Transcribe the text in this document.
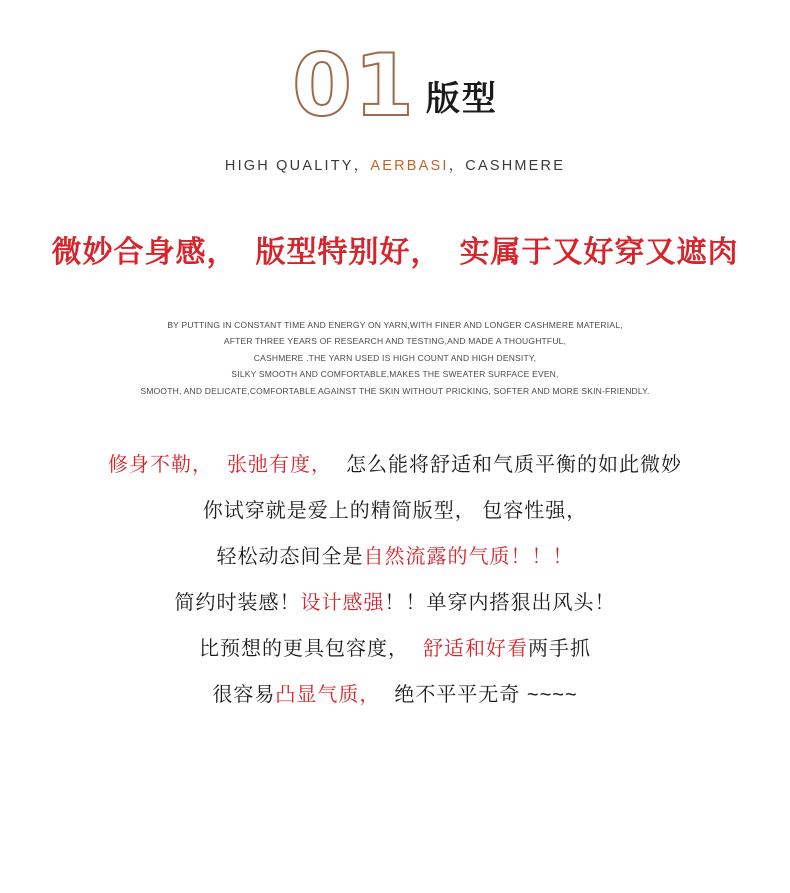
01 版型
HIGH QUALITY，AERBASI，CASHMERE
微妙合身感， 版型特别好， 实属于又好穿又遮肉
BY PUTTING IN CONSTANT TIME AND ENERGY ON YARN,WITH FINER AND LONGER CASHMERE MATERIAL,
AFTER THREE YEARS OF RESEARCH AND TESTING,AND MADE A THOUGHTFUL,
CASHMERE .THE YARN USED IS HIGH COUNT AND HIGH DENSITY,
SILKY SMOOTH AND COMFORTABLE,MAKES THE SWEATER SURFACE EVEN,
SMOOTH, AND DELICATE,COMFORTABLE AGAINST THE SKIN WITHOUT PRICKING, SOFTER AND MORE SKIN-FRIENDLY.
修身不勒， 张弛有度， 怎么能将舒适和气质平衡的如此微妙
你试穿就是爱上的精简版型， 包容性强，
轻松动态间全是自然流露的气质！！！
简约时装感！设计感强！！单穿内搭狠出风头！
比预想的更具包容度， 舒适和好看两手抓
很容易凸显气质， 绝不平平无奇 ~~~~
